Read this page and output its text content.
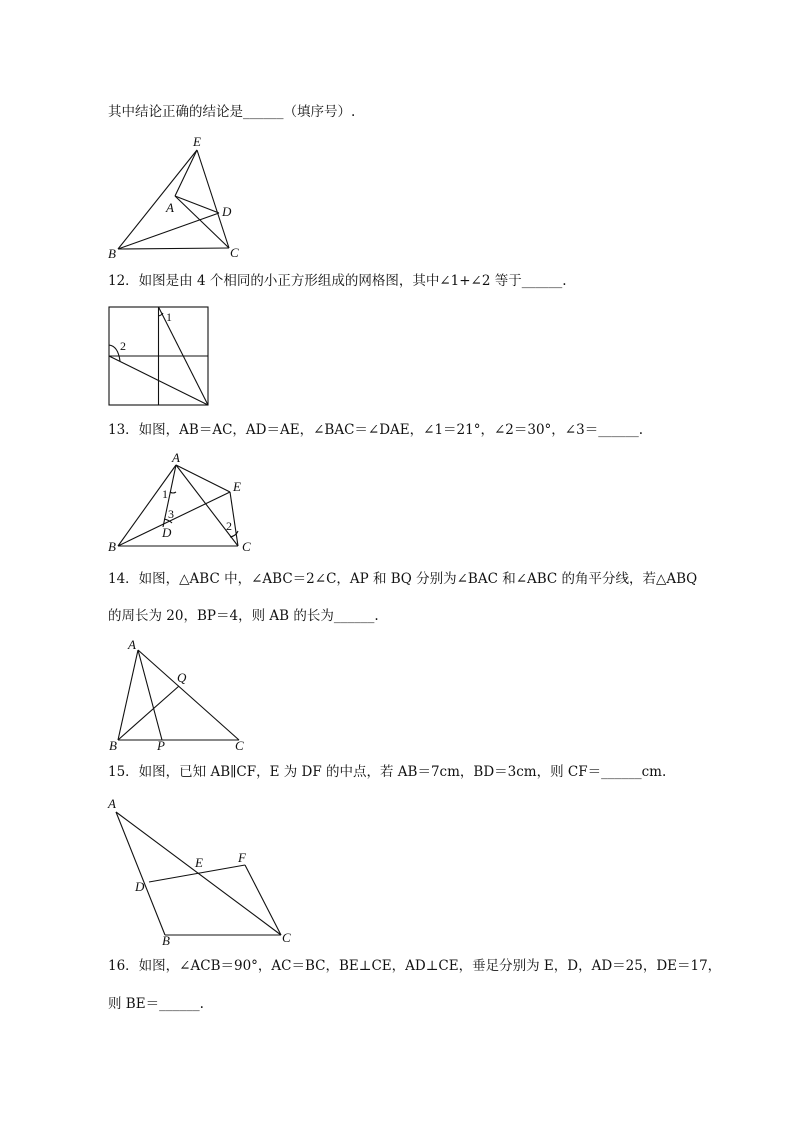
其中结论正确的结论是______（填序号）.
12．如图是由 4 个相同的小正方形组成的网格图，其中∠1+∠2 等于______.
13．如图，AB＝AC，AD＝AE，∠BAC＝∠DAE，∠1＝21°，∠2＝30°，∠3＝______.
14．如图，△ABC 中，∠ABC＝2∠C，AP 和 BQ 分别为∠BAC 和∠ABC 的角平分线，若△ABQ
的周长为 20，BP＝4，则 AB 的长为______.
15．如图，已知 AB∥CF，E 为 DF 的中点，若 AB＝7cm，BD＝3cm，则 CF＝______cm.
16．如图，∠ACB＝90°，AC＝BC，BE⊥CE，AD⊥CE，垂足分别为 E，D，AD＝25，DE＝17，
则 BE＝______.
E
A	D
B	C
1
2
A
E
1
3
D	2
B	C
A
Q
B	P	C
A
F
E
D
B	C
